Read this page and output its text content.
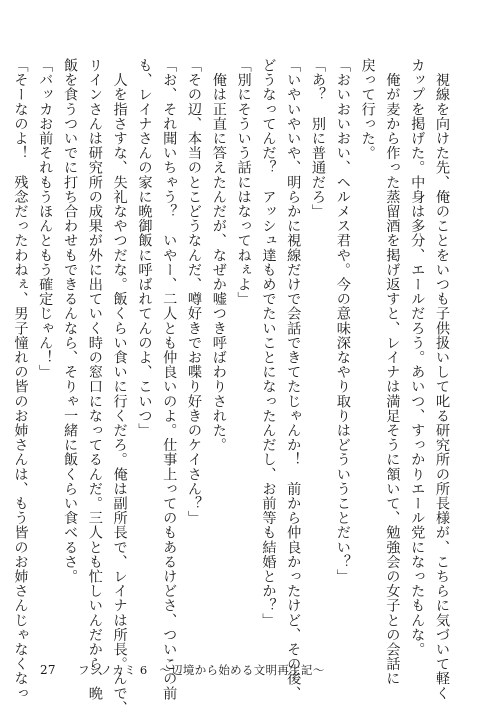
　視線を向けた先、俺のことをいつも子供扱いして叱る研究所の所長様が、こちらに気づいて軽く
カップを掲げた。中身は多分、エールだろう。あいつ、すっかりエール党になったもんな。
　俺が麦から作った蒸留酒を掲げ返すと、レイナは満足そうに頷いて、勉強会の女子との会話に
戻って行った。
「おいおいおい、ヘルメス君や。今の意味深なやり取りはどういうことだい？」
「あ？　別に普通だろ」
「いやいやいや、明らかに視線だけで会話できてたじゃんか！　前から仲良かったけど、その後、
どうなってんだ？　アッシュ達もめでたいことになったんだし、お前等も結婚とか？」
「別にそういう話にはなってねぇよ」
　俺は正直に答えたんだが、なぜか嘘つき呼ばわりされた。
「その辺、本当のとこどうなんだ、噂好きでお喋り好きのケイさん？」
「お、それ聞いちゃう？　いやー、二人とも仲良いのよ。仕事上ってのもあるけどさ、ついこの前
も、レイナさんの家に晩御飯に呼ばれてんのよ、こいつ」
　人を指さすな、失礼なやつだな。飯くらい食いに行くだろ。俺は副所長で、レイナは所長。んで、
リインさんは研究所の成果が外に出ていく時の窓口になってるんだ。三人とも忙しいんだから、晩
飯を食うついでに打ち合わせもできるんなら、そりゃ一緒に飯くらい食べるさ。
「バッカお前それもうほんともう確定じゃん！」
「そーなのよ！　残念だったわねぇ、男子憧れの皆のお姉さんは、もう皆のお姉さんじゃなくなっ 27 フシノカミ 6　～辺境から始める文明再生記～
